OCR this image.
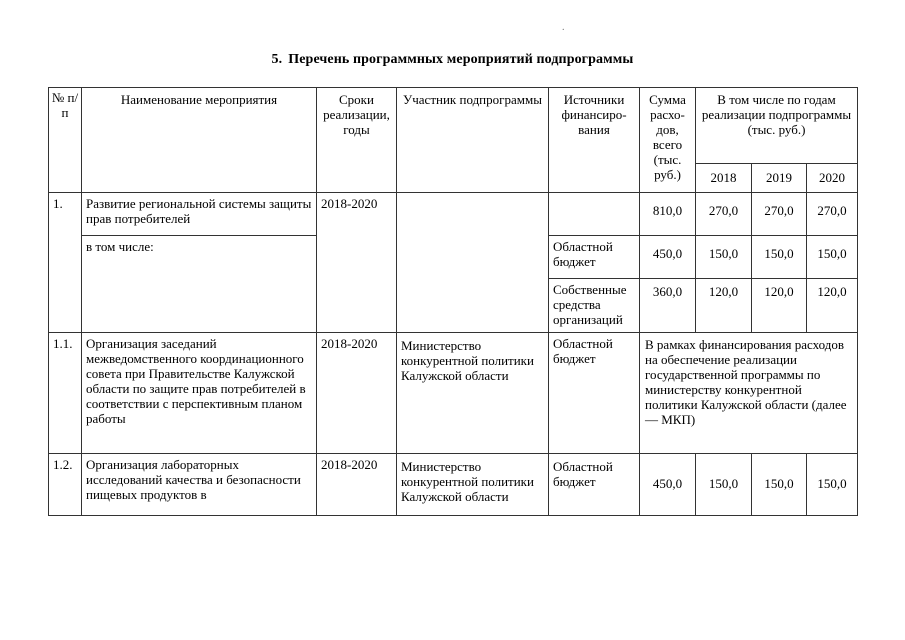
.
5. Перечень программных мероприятий подпрограммы
№ п/п	Наименование мероприятия	Сроки реализации, годы	Участник подпрограммы	Источники финансиро-вания	Сумма расхо-дов, всего (тыс. руб.)	В том числе по годам реализации подпрограммы (тыс. руб.)		
						2018	2019	2020
1.	Развитие региональной системы защиты прав потребителей	2018-2020			810,0	270,0	270,0	270,0
	в том числе:			Областной бюджет	450,0	150,0	150,0	150,0
				Собственные средства организаций	360,0	120,0	120,0	120,0
1.1.	Организация заседаний межведомственного координационного совета при Правительстве Калужской области по защите прав потребителей в соответствии с перспективным планом работы	2018-2020	Министерство конкурентной политики Калужской области	Областной бюджет	В рамках финансирования расходов на обеспечение реализации государственной программы по министерству конкурентной политики Калужской области (далее — МКП)			
1.2.	Организация лабораторных исследований качества и безопасности пищевых продуктов в	2018-2020	Министерство конкурентной политики Калужской области	Областной бюджет	450,0	150,0	150,0	150,0
